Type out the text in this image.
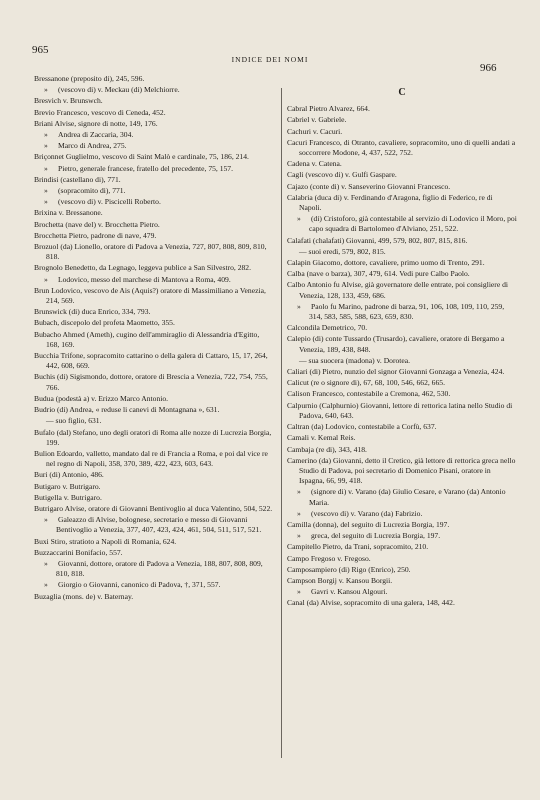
965
INDICE DEI NOMI
966
Bressanone (preposito di), 245, 596.
» (vescovo di) v. Meckau (di) Melchiorre.
Bresvich v. Brunswch.
Brevio Francesco, vescovo di Ceneda, 452.
Briani Alvise, signore di notte, 149, 176.
» Andrea di Zaccaria, 304.
» Marco di Andrea, 275.
Briçonnet Guglielmo, vescovo di Saint Malò e cardinale, 75, 186, 214.
» Pietro, generale francese, fratello del precedente, 75, 157.
Brindisi (castellano di), 771.
» (sopracomito di), 771.
» (vescovo di) v. Piscicelli Roberto.
Brixina v. Bressanone.
Brochetta (nave del) v. Brocchetta Pietro.
Brocchetta Pietro, padrone di nave, 479.
Brozuol (da) Lionello, oratore di Padova a Venezia, 727, 807, 808, 809, 810, 818.
Brognolo Benedetto, da Legnago, leggeva publice a San Silvestro, 282.
» Lodovico, messo del marchese di Mantova a Roma, 409.
Brun Lodovico, vescovo de Ais (Aquis?) oratore di Massimiliano a Venezia, 214, 569.
Brunswick (di) duca Enrico, 334, 793.
Bubach, discepolo del profeta Maometto, 355.
Bubacho Ahmed (Ameth), cugino dell'ammiraglio di Alessandria d'Egitto, 168, 169.
Bucchia Trifone, sopracomito cattarino o della galera di Cattaro, 15, 17, 264, 442, 608, 669.
Buchis (di) Sigismondo, dottore, oratore di Brescia a Venezia, 722, 754, 755, 766.
Budua (podestà a) v. Erizzo Marco Antonio.
Budrio (di) Andrea, « reduse li canevi di Montagnana », 631.
— suo figlio, 631.
Bufalo (dal) Stefano, uno degli oratori di Roma alle nozze di Lucrezia Borgia, 199.
Bulion Edoardo, valletto, mandato dal re di Francia a Roma, e poi dal vice re nel regno di Napoli, 358, 370, 389, 422, 423, 603, 643.
Buri (di) Antonio, 486.
Butigaro v. Butrigaro.
Butigella v. Butrigaro.
Butrigaro Alvise, oratore di Giovanni Bentivoglio al duca Valentino, 504, 522.
» Galeazzo di Alvise, bolognese, secretario e messo di Giovanni Bentivoglio a Venezia, 377, 407, 423, 424, 461, 504, 511, 517, 521.
Buxi Stiro, stratioto a Napoli di Romania, 624.
Buzzaccarini Bonifacio, 557.
» Giovanni, dottore, oratore di Padova a Venezia, 188, 807, 808, 809, 810, 818.
» Giorgio o Giovanni, canonico di Padova, †, 371, 557.
Buzaglia (mons. de) v. Baternay.
C
Cabral Pietro Alvarez, 664.
Cabriel v. Gabriele.
Cachuri v. Cacuri.
Cacuri Francesco, di Otranto, cavaliere, sopracomito, uno di quelli andati a soccorrere Modone, 4, 437, 522, 752.
Cadena v. Catena.
Cagli (vescovo di) v. Gulfi Gaspare.
Cajazo (conte di) v. Sanseverino Giovanni Francesco.
Calabria (duca di) v. Ferdinando d'Aragona, figlio di Federico, re di Napoli.
» (di) Cristoforo, già contestabile al servizio di Lodovico il Moro, poi capo squadra di Bartolomeo d'Alviano, 251, 522.
Calafati (chalafati) Giovanni, 499, 579, 802, 807, 815, 816.
— suoi eredi, 579, 802, 815.
Calapin Giacomo, dottore, cavaliere, primo uomo di Trento, 291.
Calba (nave o barza), 307, 479, 614. Vedi pure Calbo Paolo.
Calbo Antonio fu Alvise, già governatore delle entrate, poi consigliere di Venezia, 128, 133, 459, 686.
» Paolo fu Marino, padrone di barza, 91, 106, 108, 109, 110, 259, 314, 583, 585, 588, 623, 659, 830.
Calcondila Demetrico, 70.
Calepio (di) conte Tussardo (Trusardo), cavaliere, oratore di Bergamo a Venezia, 189, 438, 848.
— sua suocera (madona) v. Dorotea.
Caliari (di) Pietro, nunzio del signor Giovanni Gonzaga a Venezia, 424.
Calicut (re o signore di), 67, 68, 100, 546, 662, 665.
Calison Francesco, contestabile a Cremona, 462, 530.
Calpurnio (Calphurnio) Giovanni, lettore di rettorica latina nello Studio di Padova, 640, 643.
Caltran (da) Lodovico, contestabile a Corfù, 637.
Camali v. Kemal Reis.
Cambaja (re di), 343, 418.
Camerino (da) Giovanni, detto il Cretico, già lettore di rettorica greca nello Studio di Padova, poi secretario di Domenico Pisani, oratore in Ispagna, 66, 99, 418.
» (signore di) v. Varano (da) Giulio Cesare, e Varano (da) Antonio Maria.
» (vescovo di) v. Varano (da) Fabrizio.
Camilla (donna), del seguito di Lucrezia Borgia, 197.
» greca, del seguito di Lucrezia Borgia, 197.
Campitello Pietro, da Trani, sopracomito, 210.
Campo Fregoso v. Fregoso.
Camposampiero (di) Rigo (Enrico), 250.
Campson Borgij v. Kansou Borgii.
» Gavri v. Kansou Algouri.
Canal (da) Alvise, sopracomito di una galera, 148, 442.
